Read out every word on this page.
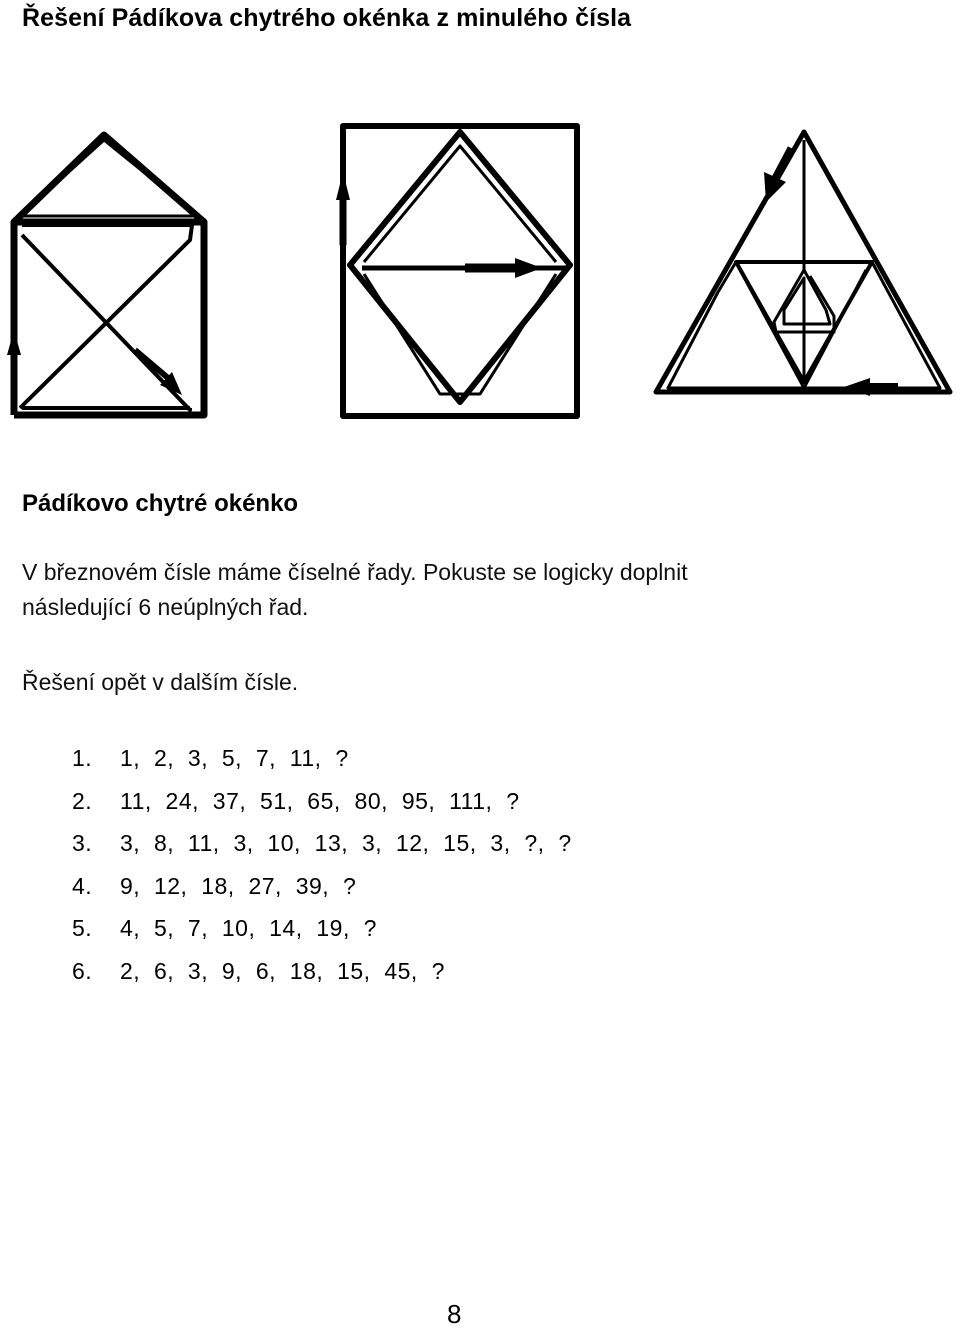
Řešení Pádíkova chytrého okénka z minulého čísla
Pádíkovo chytré okénko
V březnovém čísle máme číselné řady. Pokuste se logicky doplnit
následující 6 neúplných řad.
Řešení opět v dalším čísle.
1.	1,  2,  3,  5,  7,  11,  ?
2.	11,  24,  37,  51,  65,  80,  95,  111,  ?
3.	3,  8,  11,  3,  10,  13,  3,  12,  15,  3,  ?,  ?
4.	9,  12,  18,  27,  39,  ?
5.	4,  5,  7,  10,  14,  19,  ?
6.	2,  6,  3,  9,  6,  18,  15,  45,  ?
8
